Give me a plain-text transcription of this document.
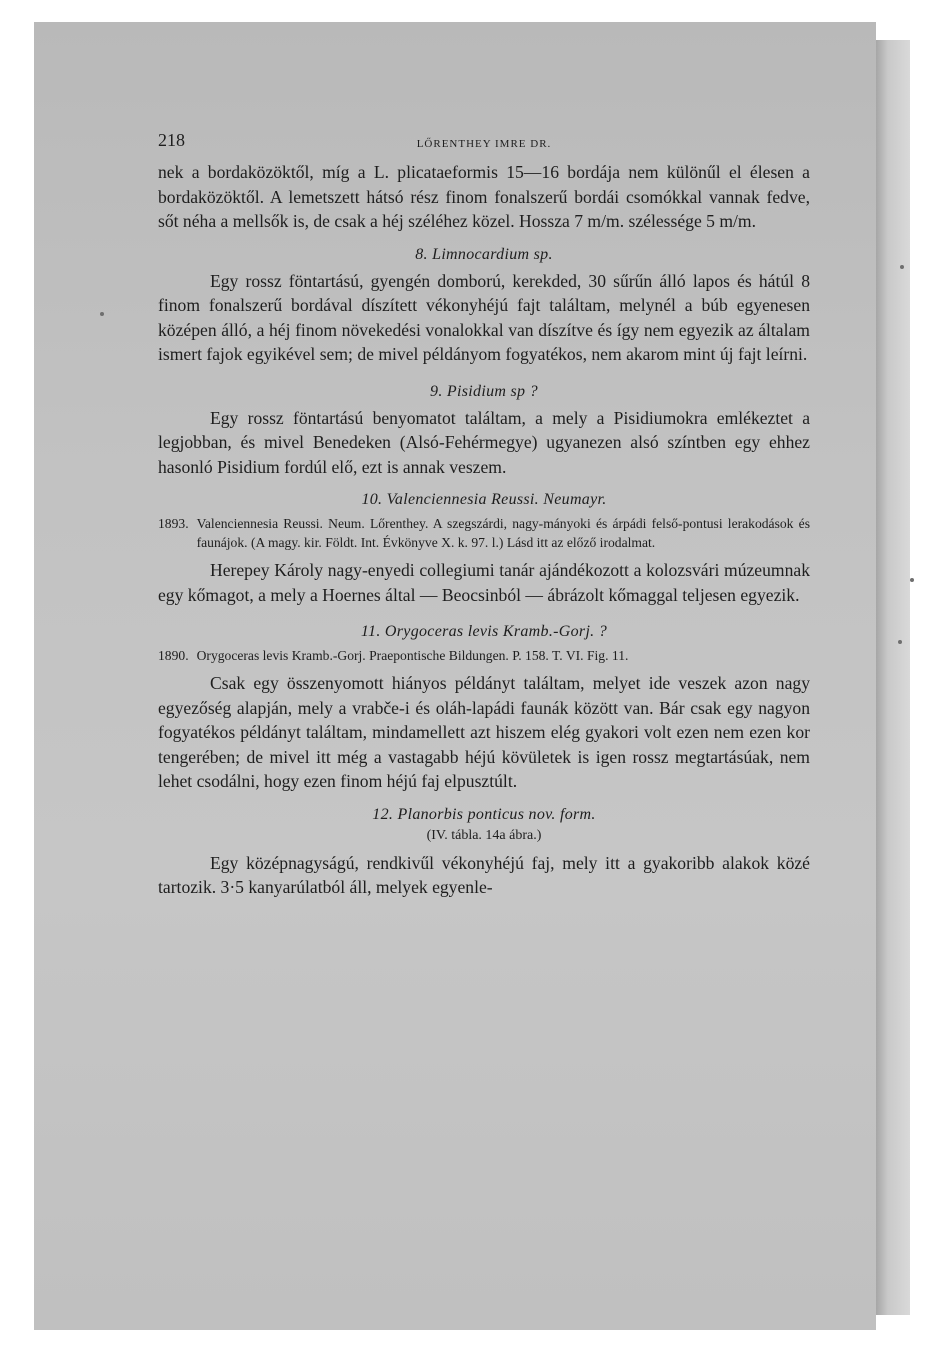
218	LŐRENTHEY IMRE DR.

nek a bordaközöktől, míg a L. plicataeformis 15—16 bordája nem különűl el élesen a bordaközöktől. A lemetszett hátsó rész finom fonalszerű bordái csomókkal vannak fedve, sőt néha a mellsők is, de csak a héj széléhez közel. Hossza 7 m/m. szélessége 5 m/m.

8. Limnocardium sp.

Egy rossz föntartású, gyengén domború, kerekded, 30 sűrűn álló lapos és hátúl 8 finom fonalszerű bordával díszített vékonyhéjú fajt találtam, melynél a búb egyenesen középen álló, a héj finom növekedési vonalokkal van díszítve és így nem egyezik az általam ismert fajok egyikével sem; de mivel példányom fogyatékos, nem akarom mint új fajt leírni.

9. Pisidium sp ?

Egy rossz föntartású benyomatot találtam, a mely a Pisidiumokra emlékeztet a legjobban, és mivel Benedeken (Alsó-Fehérmegye) ugyanezen alsó színtben egy ehhez hasonló Pisidium fordúl elő, ezt is annak veszem.

10. Valenciennesia Reussi. Neumayr.

1893. Valenciennesia Reussi. Neum. Lőrenthey. A szegszárdi, nagy-mányoki és árpádi felső-pontusi lerakodások és faunájok. (A magy. kir. Földt. Int. Évkönyve X. k. 97. l.) Lásd itt az előző irodalmat.

Herepey Károly nagy-enyedi collegiumi tanár ajándékozott a kolozsvári múzeumnak egy kőmagot, a mely a Hoernes által — Beocsinból — ábrázolt kőmaggal teljesen egyezik.

11. Orygoceras levis Kramb.-Gorj. ?

1890. Orygoceras levis Kramb.-Gorj. Praepontische Bildungen. P. 158. T. VI. Fig. 11.

Csak egy összenyomott hiányos példányt találtam, melyet ide veszek azon nagy egyezőség alapján, mely a vrabče-i és oláh-lapádi faunák között van. Bár csak egy nagyon fogyatékos példányt találtam, mindamellett azt hiszem elég gyakori volt ezen nem ezen kor tengerében; de mivel itt még a vastagabb héjú kövületek is igen rossz megtartásúak, nem lehet csodálni, hogy ezen finom héjú faj elpusztúlt.

12. Planorbis ponticus nov. form.

(IV. tábla. 14a ábra.)

Egy középnagyságú, rendkivűl vékonyhéjú faj, mely itt a gyakoribb alakok közé tartozik. 3·5 kanyarúlatból áll, melyek egyenle-
